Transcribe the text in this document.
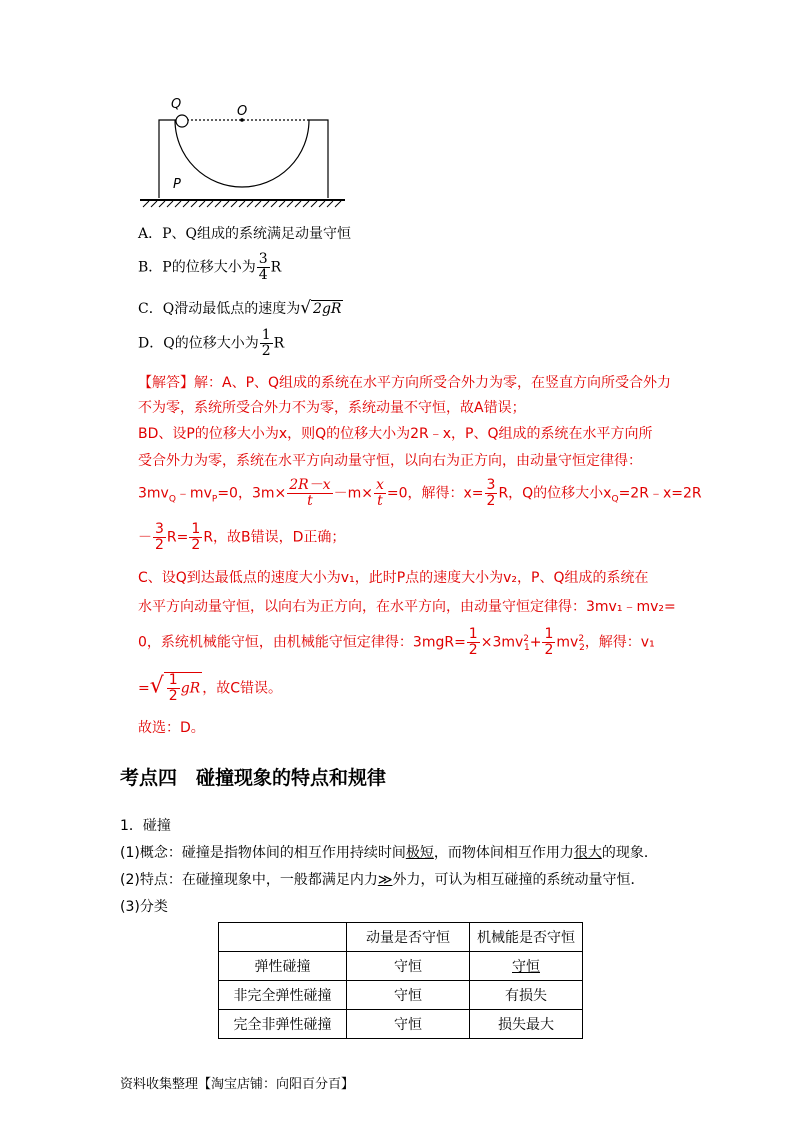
Q	O
P
A．P、Q组成的系统满足动量守恒
B．P的位移大小为 $\frac{3}{4}$ R
C．Q滑动最低点的速度为√ 2gR
D．Q的位移大小为 $\frac{1}{2}$ R
【解答】解：A、P、Q组成的系统在水平方向所受合外力为零，在竖直方向所受合外力
不为零，系统所受合外力不为零，系统动量不守恒，故A错误；
BD、设P的位移大小为x，则Q的位移大小为2R﹣x，P、Q组成的系统在水平方向所
受合外力为零，系统在水平方向动量守恒，以向右为正方向，由动量守恒定律得：
$3mv_Q﹣mv_P=0$，$3m\times \frac{2R-x}{t} -m\times \frac{x}{t} =0$，解得：$x= \frac{3}{2}$ R，Q的位移大小$x_Q=2R﹣x=2R$
－ $\frac{3}{2} R= \frac{1}{2}$ R，故B错误，D正确；
C、设Q到达最低点的速度大小为v₁，此时P点的速度大小为v₂，P、Q组成的系统在
水平方向动量守恒，以向右为正方向，在水平方向，由动量守恒定律得：3mv₁﹣mv₂=
0，系统机械能守恒，由机械能守恒定律得：$3mgR= \frac{1}{2} \times 3mv^2_1+ \frac{1}{2} mv^2_2$，解得：v₁
=√ $\frac{1}{2}$ gR ，故C错误。
故选：D。
考点四　碰撞现象的特点和规律
1．碰撞
(1)概念：碰撞是指物体间的相互作用持续时间极短，而物体间相互作用力很大的现象．
(2)特点：在碰撞现象中，一般都满足内力≫外力，可认为相互碰撞的系统动量守恒．
(3)分类
	动量是否守恒	机械能是否守恒
弹性碰撞	守恒	守恒
非完全弹性碰撞	守恒	有损失
完全非弹性碰撞	守恒	损失最大
资料收集整理【淘宝店铺：向阳百分百】
